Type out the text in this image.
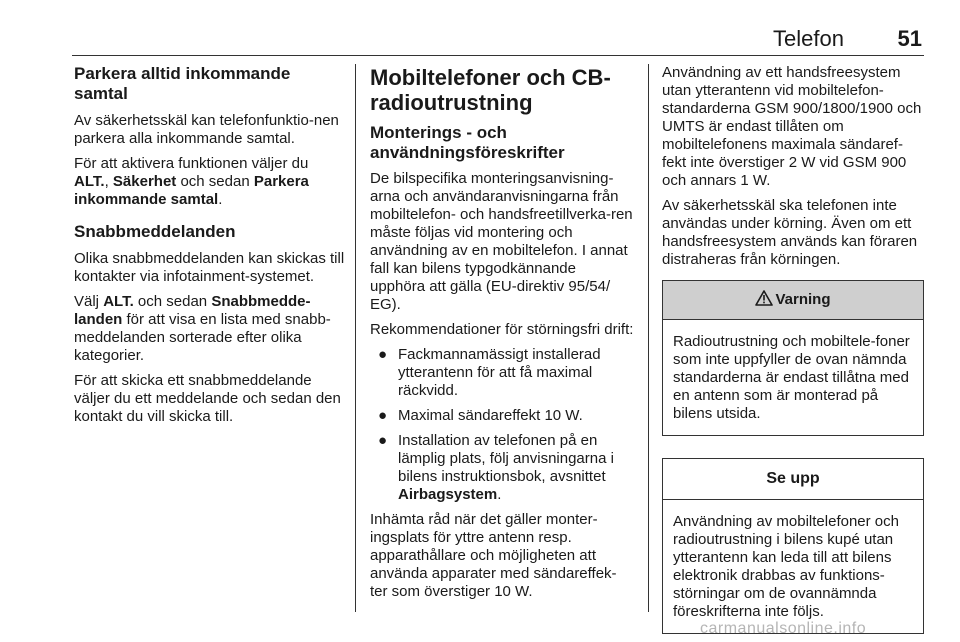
Telefon 51
Parkera alltid inkommande samtal

Av säkerhetsskäl kan telefonfunktio-nen parkera alla inkommande samtal.

För att aktivera funktionen väljer du ALT., Säkerhet och sedan Parkera inkommande samtal.

Snabbmeddelanden

Olika snabbmeddelanden kan skickas till kontakter via infotainment-systemet.

Välj ALT. och sedan Snabbmedde-landen för att visa en lista med snabb-meddelanden sorterade efter olika kategorier.

För att skicka ett snabbmeddelande väljer du ett meddelande och sedan den kontakt du vill skicka till.

Mobiltelefoner och CB-radioutrustning
Monterings - och användningsföreskrifter

De bilspecifika monteringsanvisning-arna och användaranvisningarna från mobiltelefon- och handsfreetillverka-ren måste följas vid montering och användning av en mobiltelefon. I annat fall kan bilens typgodkännande upphöra att gälla (EU-direktiv 95/54/ EG).

Rekommendationer för störningsfri drift:

● Fackmannamässigt installerad ytterantenn för att få maximal räckvidd.
● Maximal sändareffekt 10 W.
● Installation av telefonen på en lämplig plats, följ anvisningarna i bilens instruktionsbok, avsnittet Airbagsystem.

Inhämta råd när det gäller monter-ingsplats för yttre antenn resp. apparathållare och möjligheten att använda apparater med sändareffek-ter som överstiger 10 W.

Användning av ett handsfreesystem utan ytterantenn vid mobiltelefon-standarderna GSM 900/1800/1900 och UMTS är endast tillåten om mobiltelefonens maximala sändaref-fekt inte överstiger 2 W vid GSM 900 och annars 1 W.

Av säkerhetsskäl ska telefonen inte användas under körning. Även om ett handsfreesystem används kan föraren distraheras från körningen.

Varning
Radioutrustning och mobiltele-foner som inte uppfyller de ovan nämnda standarderna är endast tillåtna med en antenn som är monterad på bilens utsida.
Se upp
Användning av mobiltelefoner och radioutrustning i bilens kupé utan ytterantenn kan leda till att bilens elektronik drabbas av funktions-störningar om de ovannämnda föreskrifterna inte följs.
carmanualsonline.info
